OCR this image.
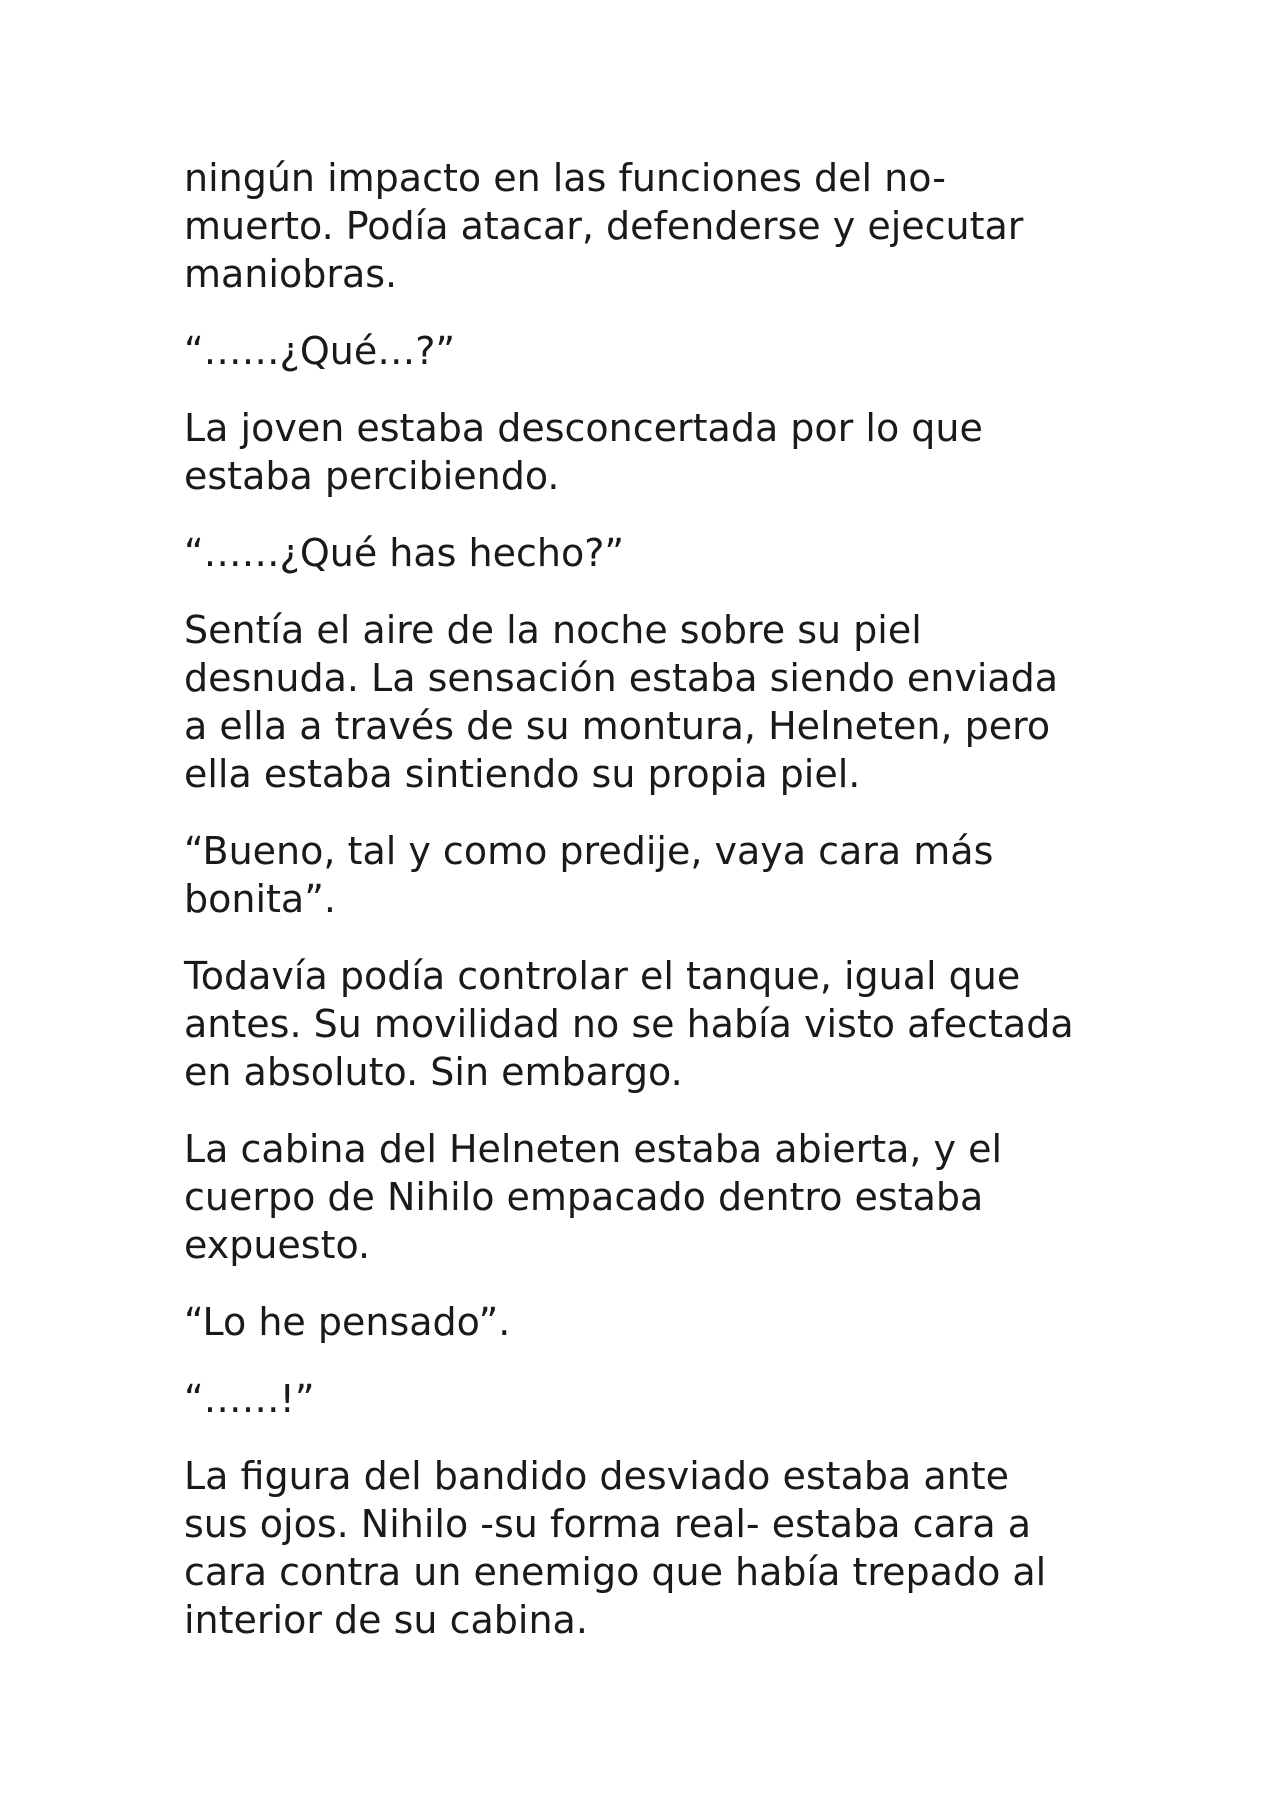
ningún impacto en las funciones del no-
muerto. Podía atacar, defenderse y ejecutar
maniobras.

“……¿Qué…?”

La joven estaba desconcertada por lo que
estaba percibiendo.

“……¿Qué has hecho?”

Sentía el aire de la noche sobre su piel
desnuda. La sensación estaba siendo enviada
a ella a través de su montura, Helneten, pero
ella estaba sintiendo su propia piel.

“Bueno, tal y como predije, vaya cara más
bonita”.

Todavía podía controlar el tanque, igual que
antes. Su movilidad no se había visto afectada
en absoluto. Sin embargo.

La cabina del Helneten estaba abierta, y el
cuerpo de Nihilo empacado dentro estaba
expuesto.

“Lo he pensado”.

“……!”

La figura del bandido desviado estaba ante
sus ojos. Nihilo -su forma real- estaba cara a
cara contra un enemigo que había trepado al
interior de su cabina.
